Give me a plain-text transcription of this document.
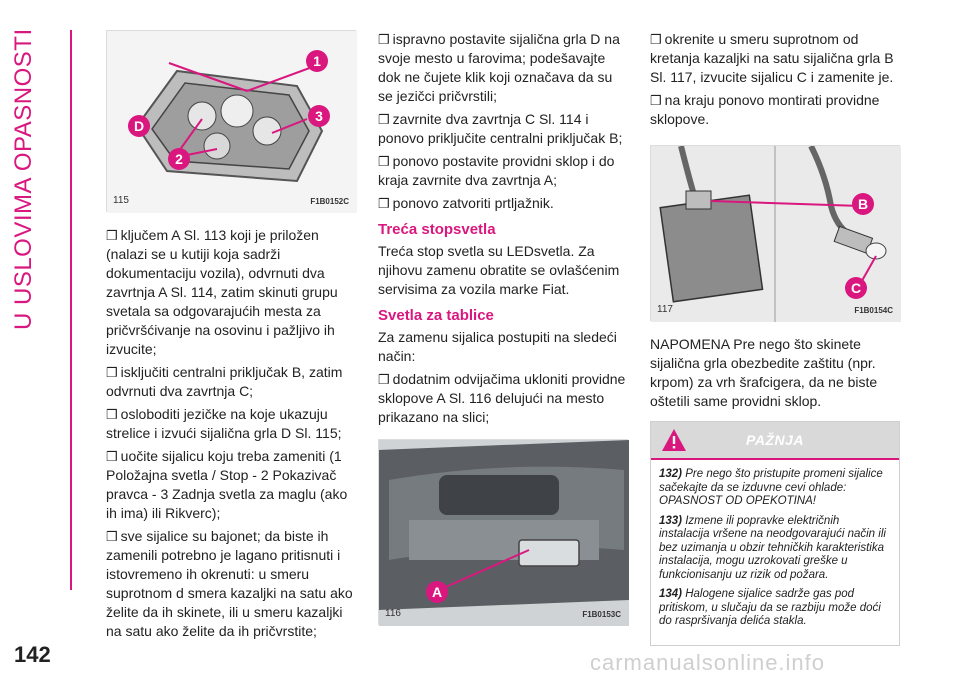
U USLOVIMA OPASNOSTI
142	carmanualsonline.info
1
D
3
2
115	F1B0152C

❒ ključem A Sl. 113 koji je priložen (nalazi se u kutiji koja sadrži dokumentaciju vozila), odvrnuti dva zavrtnja A Sl. 114, zatim skinuti grupu svetala sa odgovarajućih mesta za pričvršćivanje na osovinu i pažljivo ih izvucite;

❒ isključiti centralni priključak B, zatim odvrnuti dva zavrtnja C;

❒ osloboditi jezičke na koje ukazuju strelice i izvući sijalična grla D Sl. 115;

❒ uočite sijalicu koju treba zameniti (1 Položajna svetla / Stop - 2 Pokazivač pravca - 3 Zadnja svetla za maglu (ako ih ima) ili Rikverc);

❒ sve sijalice su bajonet; da biste ih zamenili potrebno je lagano pritisnuti i istovremeno ih okrenuti: u smeru suprotnom d smera kazaljki na satu ako želite da ih skinete, ili u smeru kazaljki na satu ako želite da ih pričvrstite;

❒ ispravno postavite sijalična grla D na svoje mesto u farovima; podešavajte dok ne čujete klik koji označava da su se jezičci pričvrstili;

❒ zavrnite dva zavrtnja C Sl. 114 i ponovo priključite centralni priključak B;

❒ ponovo postavite providni sklop i do kraja zavrnite dva zavrtnja A;

❒ ponovo zatvoriti prtljažnik.

Treća stopsvetla

Treća stop svetla su LEDsvetla. Za njihovu zamenu obratite se ovlašćenim servisima za vozila marke Fiat.

Svetla za tablice

Za zamenu sijalica postupiti na sledeći način:

❒ dodatnim odvijačima ukloniti providne sklopove A Sl. 116 delujući na mesto prikazano na slici;

A
116	F1B0153C

❒ okrenite u smeru suprotnom od kretanja kazaljki na satu sijalična grla B Sl. 117, izvucite sijalicu C i zamenite je.

❒ na kraju ponovo montirati providne sklopove.

B
C
117	F1B0154C

NAPOMENA Pre nego što skinete sijalična grla obezbedite zaštitu (npr. krpom) za vrh šrafcigera, da ne biste oštetili same providni sklop.

PAŽNJA
132) Pre nego što pristupite promeni sijalice sačekajte da se izduvne cevi ohlade: OPASNOST OD OPEKOTINA!
133) Izmene ili popravke električnih instalacija vršene na neodgovarajući način ili bez uzimanja u obzir tehničkih karakteristika instalacija, mogu uzrokovati greške u funkcionisanju uz rizik od požara.
134) Halogene sijalice sadrže gas pod pritiskom, u slučaju da se razbiju može doći do raspršivanja delića stakla.
